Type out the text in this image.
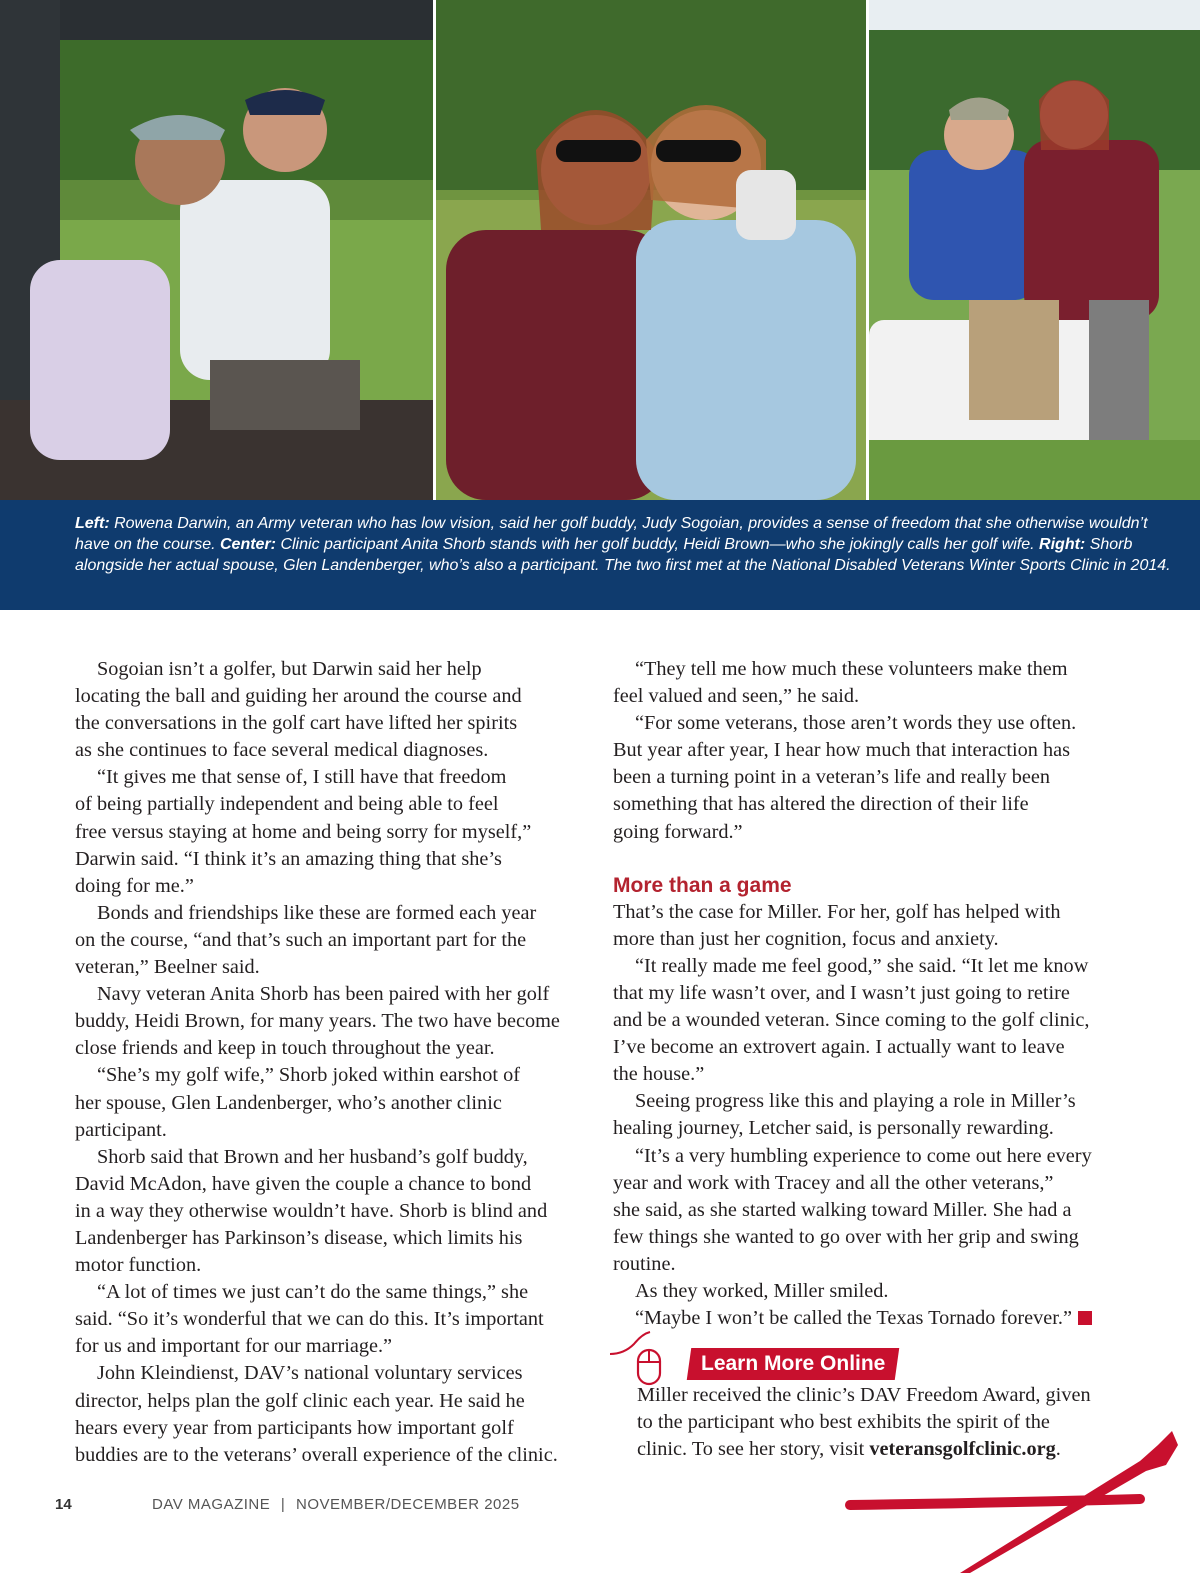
Left: Rowena Darwin, an Army veteran who has low vision, said her golf buddy, Judy Sogoian, provides a sense of freedom that she otherwise wouldn’t have on the course. Center: Clinic participant Anita Shorb stands with her golf buddy, Heidi Brown—who she jokingly calls her golf wife. Right: Shorb alongside her actual spouse, Glen Landenberger, who’s also a participant. The two first met at the National Disabled Veterans Winter Sports Clinic in 2014.

Sogoian isn’t a golfer, but Darwin said her help

locating the ball and guiding her around the course and

the conversations in the golf cart have lifted her spirits

as she continues to face several medical diagnoses.

“It gives me that sense of, I still have that freedom

of being partially independent and being able to feel

free versus staying at home and being sorry for myself,”

Darwin said. “I think it’s an amazing thing that she’s

doing for me.”

Bonds and friendships like these are formed each year

on the course, “and that’s such an important part for the

veteran,” Beelner said.

Navy veteran Anita Shorb has been paired with her golf

buddy, Heidi Brown, for many years. The two have become

close friends and keep in touch throughout the year.

“She’s my golf wife,” Shorb joked within earshot of

her spouse, Glen Landenberger, who’s another clinic

participant.

Shorb said that Brown and her husband’s golf buddy,

David McAdon, have given the couple a chance to bond

in a way they otherwise wouldn’t have. Shorb is blind and

Landenberger has Parkinson’s disease, which limits his

motor function.

“A lot of times we just can’t do the same things,” she

said. “So it’s wonderful that we can do this. It’s important

for us and important for our marriage.”

John Kleindienst, DAV’s national voluntary services

director, helps plan the golf clinic each year. He said he

hears every year from participants how important golf

buddies are to the veterans’ overall experience of the clinic.

“They tell me how much these volunteers make them

feel valued and seen,” he said.

“For some veterans, those aren’t words they use often.

But year after year, I hear how much that interaction has

been a turning point in a veteran’s life and really been

something that has altered the direction of their life

going forward.”

More than a game

That’s the case for Miller. For her, golf has helped with

more than just her cognition, focus and anxiety.

“It really made me feel good,” she said. “It let me know

that my life wasn’t over, and I wasn’t just going to retire

and be a wounded veteran. Since coming to the golf clinic,

I’ve become an extrovert again. I actually want to leave

the house.”

Seeing progress like this and playing a role in Miller’s

healing journey, Letcher said, is personally rewarding.

“It’s a very humbling experience to come out here every

year and work with Tracey and all the other veterans,”

she said, as she started walking toward Miller. She had a

few things she wanted to go over with her grip and swing

routine.

As they worked, Miller smiled.

“Maybe I won’t be called the Texas Tornado forever.”

Learn More Online

Miller received the clinic’s DAV Freedom Award, given

to the participant who best exhibits the spirit of the

clinic. To see her story, visit veteransgolfclinic.org.

14	DAV MAGAZINE | NOVEMBER/DECEMBER 2025
